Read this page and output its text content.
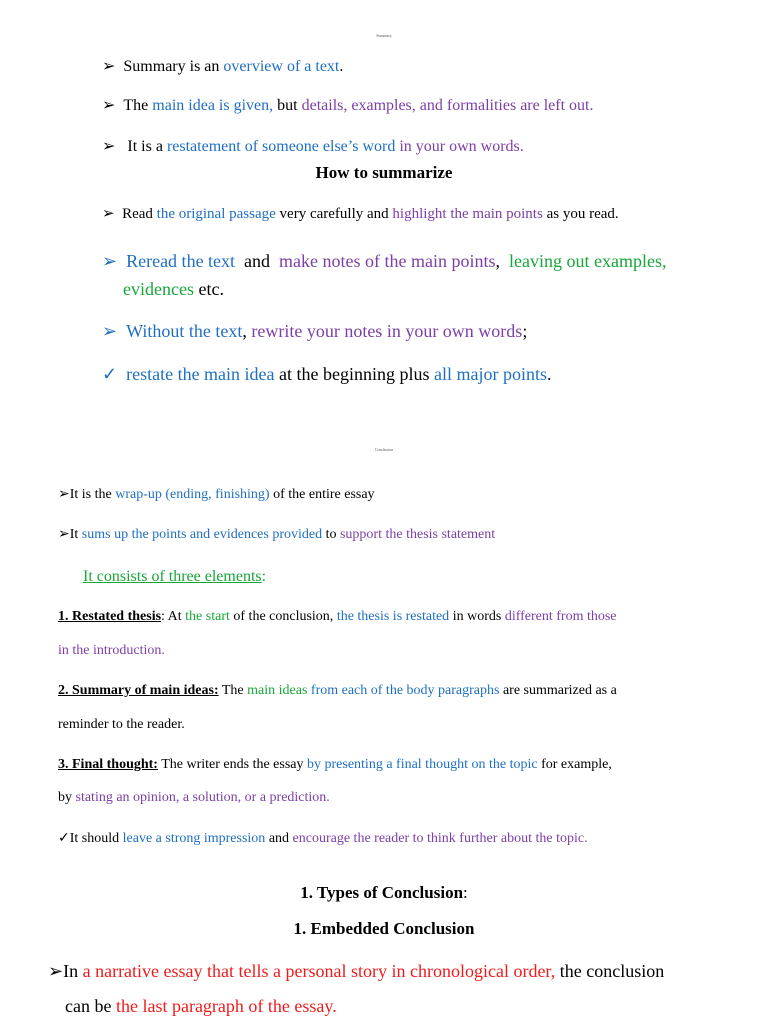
Summary
➢ Summary is an overview of a text.
➢ The main idea is given, but details, examples, and formalities are left out.
➢   It is a restatement of someone else’s word in your own words.
How to summarize
➢ Read the original passage very carefully and highlight the main points as you read.
➢ Reread the text  and  make notes of the main points,  leaving out examples,
evidences etc.
➢ Without the text, rewrite your notes in your own words;
✓ restate the main idea at the beginning plus all major points.
Conclusion
➢It is the wrap-up (ending, finishing) of the entire essay
➢It sums up the points and evidences provided to support the thesis statement
It consists of three elements:
1. Restated thesis: At the start of the conclusion, the thesis is restated in words different from those
in the introduction.
2. Summary of main ideas: The main ideas from each of the body paragraphs are summarized as a
reminder to the reader.
3. Final thought: The writer ends the essay by presenting a final thought on the topic for example,
by stating an opinion, a solution, or a prediction.
✓It should leave a strong impression and encourage the reader to think further about the topic.
1. Types of Conclusion:
1. Embedded Conclusion
➢In a narrative essay that tells a personal story in chronological order, the conclusion
can be the last paragraph of the essay.
